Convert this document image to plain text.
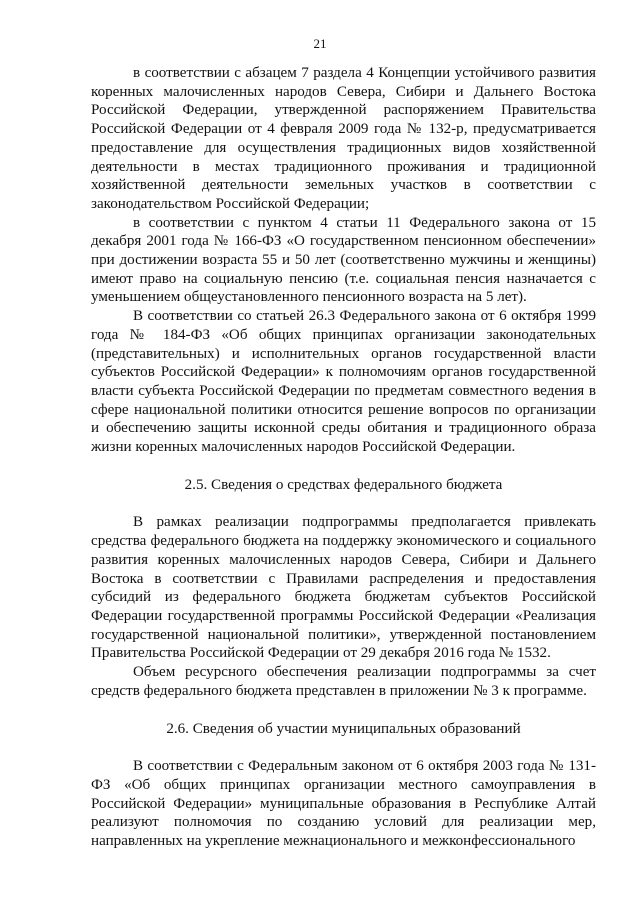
21

в соответствии с абзацем 7 раздела 4 Концепции устойчивого развития коренных малочисленных народов Севера, Сибири и Дальнего Востока Российской Федерации, утвержденной распоряжением Правительства Российской Федерации от 4 февраля 2009 года № 132-р, предусматривается предоставление для осуществления традиционных видов хозяйственной деятельности в местах традиционного проживания и традиционной хозяйственной деятельности земельных участков в соответствии с законодательством Российской Федерации;

в соответствии с пунктом 4 статьи 11 Федерального закона от 15 декабря 2001 года № 166-ФЗ «О государственном пенсионном обеспечении» при достижении возраста 55 и 50 лет (соответственно мужчины и женщины) имеют право на социальную пенсию (т.е. социальная пенсия назначается с уменьшением общеустановленного пенсионного возраста на 5 лет).

В соответствии со статьей 26.3 Федерального закона от 6 октября 1999 года № 184-ФЗ «Об общих принципах организации законодательных (представительных) и исполнительных органов государственной власти субъектов Российской Федерации» к полномочиям органов государственной власти субъекта Российской Федерации по предметам совместного ведения в сфере национальной политики относится решение вопросов по организации и обеспечению защиты исконной среды обитания и традиционного образа жизни коренных малочисленных народов Российской Федерации.

2.5. Сведения о средствах федерального бюджета

В рамках реализации подпрограммы предполагается привлекать средства федерального бюджета на поддержку экономического и социального развития коренных малочисленных народов Севера, Сибири и Дальнего Востока в соответствии с Правилами распределения и предоставления субсидий из федерального бюджета бюджетам субъектов Российской Федерации государственной программы Российской Федерации «Реализация государственной национальной политики», утвержденной постановлением Правительства Российской Федерации от 29 декабря 2016 года № 1532.

Объем ресурсного обеспечения реализации подпрограммы за счет средств федерального бюджета представлен в приложении № 3 к программе.

2.6. Сведения об участии муниципальных образований

В соответствии с Федеральным законом от 6 октября 2003 года № 131-ФЗ «Об общих принципах организации местного самоуправления в Российской Федерации» муниципальные образования в Республике Алтай реализуют полномочия по созданию условий для реализации мер, направленных на укрепление межнационального и межконфессионального
